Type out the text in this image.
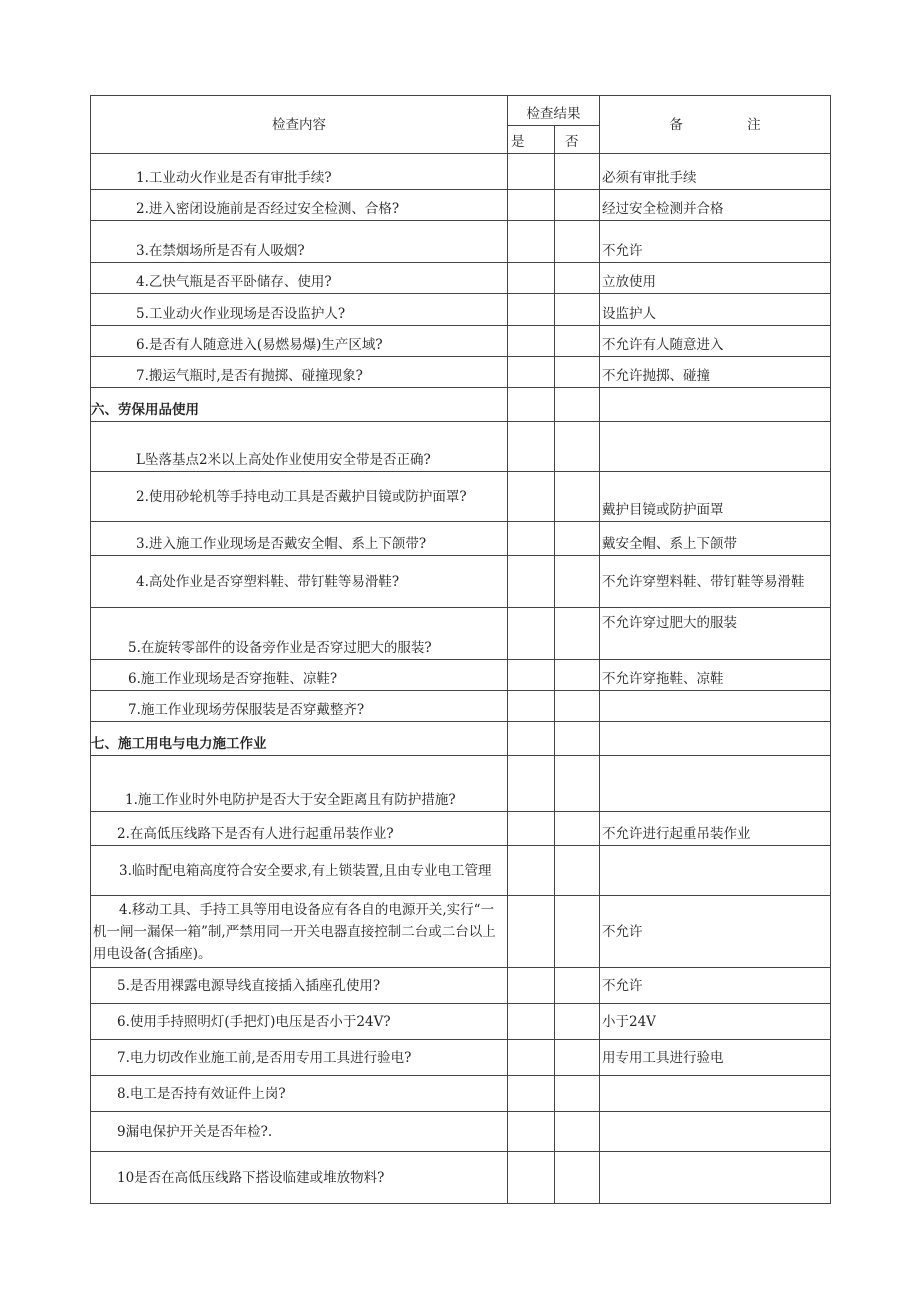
检查内容	检查结果		备 注
	是	否	
1.工业动火作业是否有审批手续?			必须有审批手续
2.进入密闭设施前是否经过安全检测、合格?			经过安全检测并合格
3.在禁烟场所是否有人吸烟?			不允许
4.乙快气瓶是否平卧储存、使用?			立放使用
5.工业动火作业现场是否设监护人?			设监护人
6.是否有人随意进入(易燃易爆)生产区域?			不允许有人随意进入
7.搬运气瓶时,是否有抛掷、碰撞现象?			不允许抛掷、碰撞
六、劳保用品使用			
L坠落基点2米以上高处作业使用安全带是否正确?			
2.使用砂轮机等手持电动工具是否戴护目镜或防护面罩?			戴护目镜或防护面罩
3.进入施工作业现场是否戴安全帽、系上下颌带?			戴安全帽、系上下颌带
4.高处作业是否穿塑料鞋、带钉鞋等易滑鞋?			不允许穿塑料鞋、带钉鞋等易滑鞋
5.在旋转零部件的设备旁作业是否穿过肥大的服装?			不允许穿过肥大的服装
6.施工作业现场是否穿拖鞋、凉鞋?			不允许穿拖鞋、凉鞋
7.施工作业现场劳保服装是否穿戴整齐?			
七、施工用电与电力施工作业			
1.施工作业时外电防护是否大于安全距离且有防护措施?			
2.在高低压线路下是否有人进行起重吊装作业?			不允许进行起重吊装作业
3.临时配电箱高度符合安全要求,有上锁装置,且由专业电工管理			
4.移动工具、手持工具等用电设备应有各自的电源开关,实行“一机一闸一漏保一箱”制,严禁用同一开关电器直接控制二台或二台以上用电设备(含插座)。			不允许
5.是否用裸露电源导线直接插入插座孔使用?			不允许
6.使用手持照明灯(手把灯)电压是否小于24V?			小于24V
7.电力切改作业施工前,是否用专用工具进行验电?			用专用工具进行验电
8.电工是否持有效证件上岗?			
9漏电保护开关是否年检?.			
10是否在高低压线路下搭设临建或堆放物料?			
